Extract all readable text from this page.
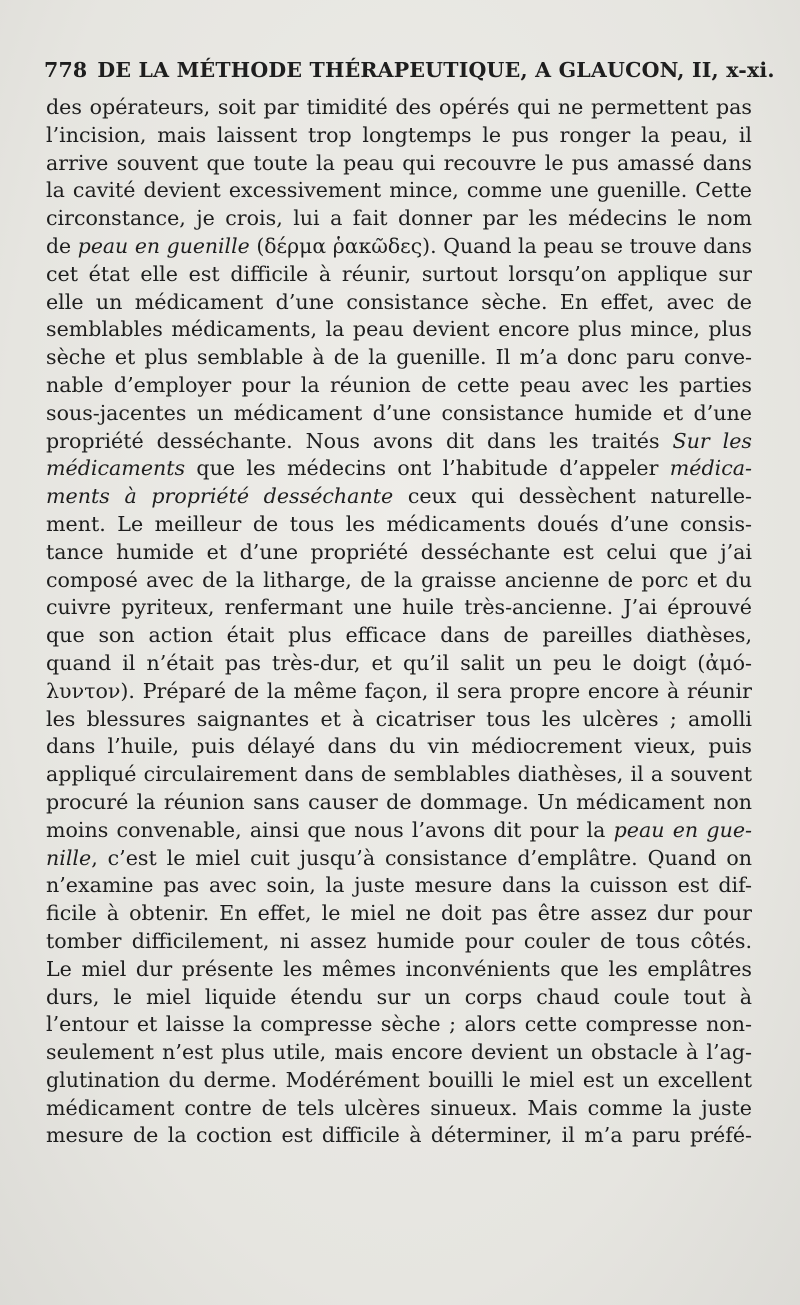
778 DE LA MÉTHODE THÉRAPEUTIQUE, A GLAUCON, II, x-xi.
des opérateurs, soit par timidité des opérés qui ne permettent pas
l’incision, mais laissent trop longtemps le pus ronger la peau, il
arrive souvent que toute la peau qui recouvre le pus amassé dans
la cavité devient excessivement mince, comme une guenille. Cette
circonstance, je crois, lui a fait donner par les médecins le nom
de peau en guenille (δέρμα ῥακῶδες). Quand la peau se trouve dans
cet état elle est difficile à réunir, surtout lorsqu’on applique sur
elle un médicament d’une consistance sèche. En effet, avec de
semblables médicaments, la peau devient encore plus mince, plus
sèche et plus semblable à de la guenille. Il m’a donc paru conve-
nable d’employer pour la réunion de cette peau avec les parties
sous-jacentes un médicament d’une consistance humide et d’une
propriété desséchante. Nous avons dit dans les traités Sur les
médicaments que les médecins ont l’habitude d’appeler médica-
ments à propriété desséchante ceux qui dessèchent naturelle-
ment. Le meilleur de tous les médicaments doués d’une consis-
tance humide et d’une propriété desséchante est celui que j’ai
composé avec de la litharge, de la graisse ancienne de porc et du
cuivre pyriteux, renfermant une huile très-ancienne. J’ai éprouvé
que son action était plus efficace dans de pareilles diathèses,
quand il n’était pas très-dur, et qu’il salit un peu le doigt (ἀμό-
λυντον). Préparé de la même façon, il sera propre encore à réunir
les blessures saignantes et à cicatriser tous les ulcères ; amolli
dans l’huile, puis délayé dans du vin médiocrement vieux, puis
appliqué circulairement dans de semblables diathèses, il a souvent
procuré la réunion sans causer de dommage. Un médicament non
moins convenable, ainsi que nous l’avons dit pour la peau en gue-
nille, c’est le miel cuit jusqu’à consistance d’emplâtre. Quand on
n’examine pas avec soin, la juste mesure dans la cuisson est dif-
ficile à obtenir. En effet, le miel ne doit pas être assez dur pour
tomber difficilement, ni assez humide pour couler de tous côtés.
Le miel dur présente les mêmes inconvénients que les emplâtres
durs, le miel liquide étendu sur un corps chaud coule tout à
l’entour et laisse la compresse sèche ; alors cette compresse non-
seulement n’est plus utile, mais encore devient un obstacle à l’ag-
glutination du derme. Modérément bouilli le miel est un excellent
médicament contre de tels ulcères sinueux. Mais comme la juste
mesure de la coction est difficile à déterminer, il m’a paru préfé-
